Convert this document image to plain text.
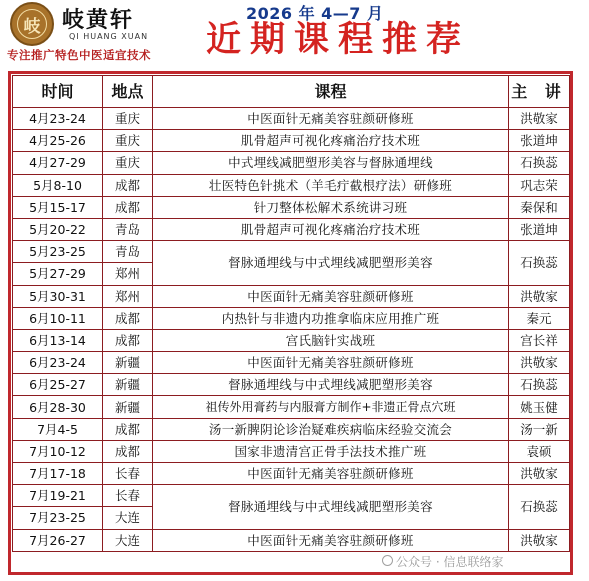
岐 岐黄轩
QI HUANG XUAN
专注推广特色中医适宜技术
2026 年 4—7 月
近期课程推荐
时间	地点	课程	主 讲
4月23-24	重庆	中医面针无痛美容驻颜研修班	洪敬家
4月25-26	重庆	肌骨超声可视化疼痛治疗技术班	张道坤
4月27-29	重庆	中式埋线减肥塑形美容与督脉通埋线	石换蕊
5月8-10	成都	壮医特色针挑术（羊毛疔截根疗法）研修班	巩志荣
5月15-17	成都	针刀整体松解术系统讲习班	秦保和
5月20-22	青岛	肌骨超声可视化疼痛治疗技术班	张道坤
5月23-25	青岛	督脉通埋线与中式埋线减肥塑形美容	石换蕊
5月27-29	郑州		
5月30-31	郑州	中医面针无痛美容驻颜研修班	洪敬家
6月10-11	成都	内热针与非遗内功推拿临床应用推广班	秦元
6月13-14	成都	宫氏脑针实战班	宫长祥
6月23-24	新疆	中医面针无痛美容驻颜研修班	洪敬家
6月25-27	新疆	督脉通埋线与中式埋线减肥塑形美容	石换蕊
6月28-30	新疆	祖传外用膏药与内服膏方制作+非遗正骨点穴班	姚玉健
7月4-5	成都	汤一新脾阴论诊治疑难疾病临床经验交流会	汤一新
7月10-12	成都	国家非遗清宫正骨手法技术推广班	袁硕
7月17-18	长春	中医面针无痛美容驻颜研修班	洪敬家
7月19-21	长春	督脉通埋线与中式埋线减肥塑形美容	石换蕊
7月23-25	大连		
7月26-27	大连	中医面针无痛美容驻颜研修班	洪敬家
公众号 · 信息联络家
